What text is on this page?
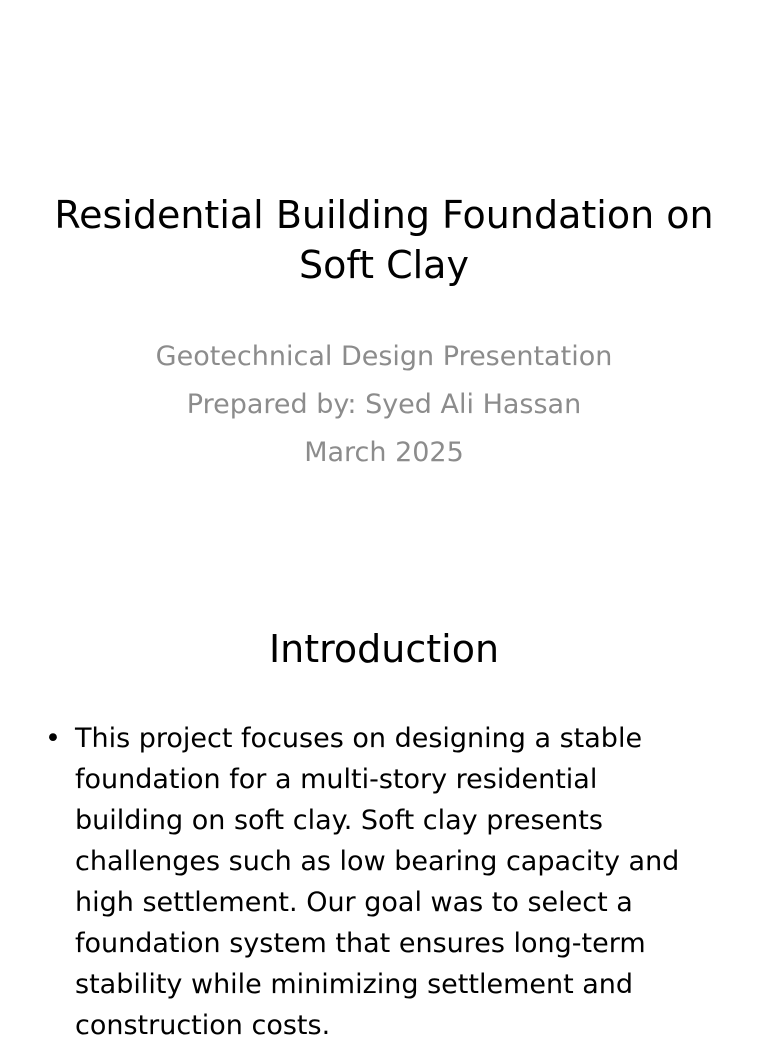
Residential Building Foundation on Soft Clay
Geotechnical Design Presentation
Prepared by: Syed Ali Hassan
March 2025
Introduction
• This project focuses on designing a stable foundation for a multi-story residential building on soft clay. Soft clay presents challenges such as low bearing capacity and high settlement. Our goal was to select a foundation system that ensures long-term stability while minimizing settlement and construction costs.
